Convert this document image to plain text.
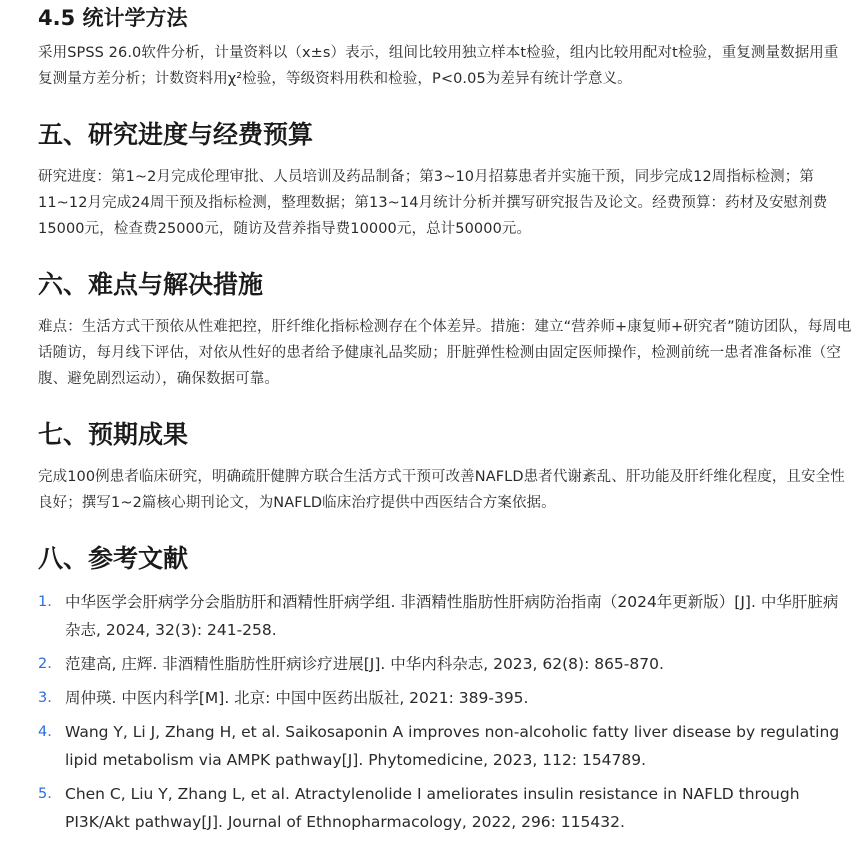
4.5 统计学方法

采用SPSS 26.0软件分析，计量资料以（x±s）表示，组间比较用独立样本t检验，组内比较用配对t检验，重复测量数据用重复测量方差分析；计数资料用χ²检验，等级资料用秩和检验，P<0.05为差异有统计学意义。

五、研究进度与经费预算

研究进度：第1~2月完成伦理审批、人员培训及药品制备；第3~10月招募患者并实施干预，同步完成12周指标检测；第11~12月完成24周干预及指标检测，整理数据；第13~14月统计分析并撰写研究报告及论文。经费预算：药材及安慰剂费15000元，检查费25000元，随访及营养指导费10000元，总计50000元。

六、难点与解决措施

难点：生活方式干预依从性难把控，肝纤维化指标检测存在个体差异。措施：建立“营养师+康复师+研究者”随访团队，每周电话随访，每月线下评估，对依从性好的患者给予健康礼品奖励；肝脏弹性检测由固定医师操作，检测前统一患者准备标准（空腹、避免剧烈运动），确保数据可靠。

七、预期成果

完成100例患者临床研究，明确疏肝健脾方联合生活方式干预可改善NAFLD患者代谢紊乱、肝功能及肝纤维化程度，且安全性良好；撰写1~2篇核心期刊论文，为NAFLD临床治疗提供中西医结合方案依据。

八、参考文献
1. 中华医学会肝病学分会脂肪肝和酒精性肝病学组. 非酒精性脂肪性肝病防治指南（2024年更新版）[J]. 中华肝脏病杂志, 2024, 32(3): 241-258.
2. 范建高, 庄辉. 非酒精性脂肪性肝病诊疗进展[J]. 中华内科杂志, 2023, 62(8): 865-870.
3. 周仲瑛. 中医内科学[M]. 北京: 中国中医药出版社, 2021: 389-395.
4. Wang Y, Li J, Zhang H, et al. Saikosaponin A improves non-alcoholic fatty liver disease by regulating lipid metabolism via AMPK pathway[J]. Phytomedicine, 2023, 112: 154789.
5. Chen C, Liu Y, Zhang L, et al. Atractylenolide I ameliorates insulin resistance in NAFLD through PI3K/Akt pathway[J]. Journal of Ethnopharmacology, 2022, 296: 115432.
